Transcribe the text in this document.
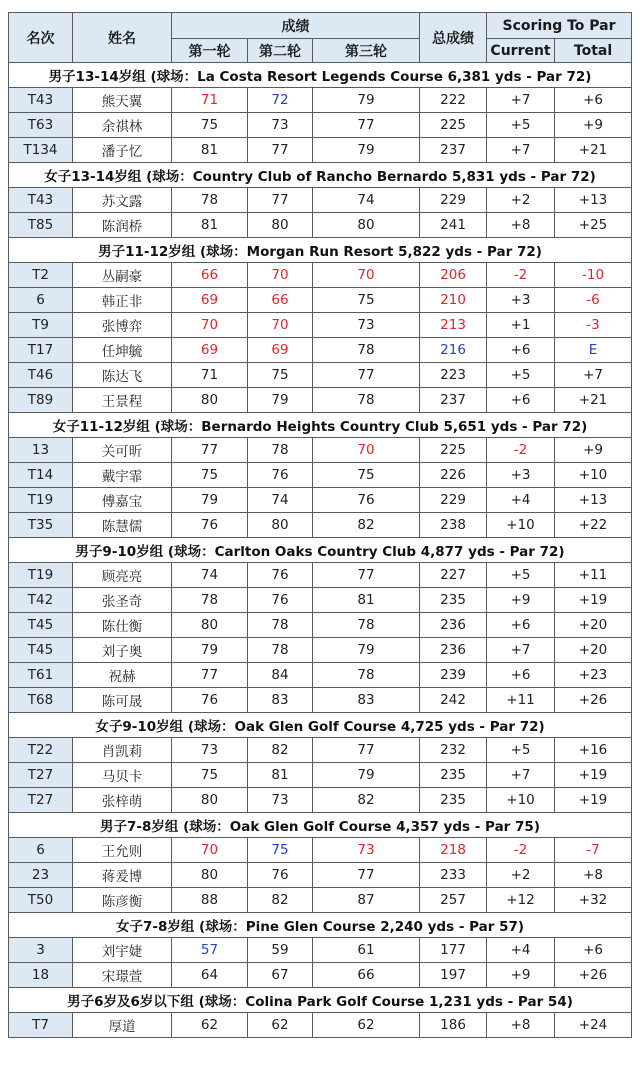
名次	姓名	成绩			总成绩	Scoring To Par	
		第一轮	第二轮	第三轮		Current	Total
男子13-14岁组 (球场：La Costa Resort Legends Course 6,381 yds - Par 72)							
T43	熊天翼	71	72	79	222	+7	+6
T63	余祺林	75	73	77	225	+5	+9
T134	潘子忆	81	77	79	237	+7	+21
女子13-14岁组 (球场：Country Club of Rancho Bernardo 5,831 yds - Par 72)							
T43	苏文露	78	77	74	229	+2	+13
T85	陈润桥	81	80	80	241	+8	+25
男子11-12岁组 (球场：Morgan Run Resort 5,822 yds - Par 72)							
T2	丛嗣豪	66	70	70	206	-2	-10
6	韩正非	69	66	75	210	+3	-6
T9	张博弈	70	70	73	213	+1	-3
T17	任坤毓	69	69	78	216	+6	E
T46	陈达飞	71	75	77	223	+5	+7
T89	王景程	80	79	78	237	+6	+21
女子11-12岁组 (球场：Bernardo Heights Country Club 5,651 yds - Par 72)							
13	关可昕	77	78	70	225	-2	+9
T14	戴宇霏	75	76	75	226	+3	+10
T19	傅嘉宝	79	74	76	229	+4	+13
T35	陈慧儒	76	80	82	238	+10	+22
男子9-10岁组 (球场：Carlton Oaks Country Club 4,877 yds - Par 72)							
T19	顾亮亮	74	76	77	227	+5	+11
T42	张圣奇	78	76	81	235	+9	+19
T45	陈仕衡	80	78	78	236	+6	+20
T45	刘子奥	79	78	79	236	+7	+20
T61	祝赫	77	84	78	239	+6	+23
T68	陈可晟	76	83	83	242	+11	+26
女子9-10岁组 (球场：Oak Glen Golf Course 4,725 yds - Par 72)							
T22	肖凯莉	73	82	77	232	+5	+16
T27	马贝卡	75	81	79	235	+7	+19
T27	张梓萌	80	73	82	235	+10	+19
男子7-8岁组 (球场：Oak Glen Golf Course 4,357 yds - Par 75)							
6	王允则	70	75	73	218	-2	-7
23	蒋爰博	80	76	77	233	+2	+8
T50	陈彦衡	88	82	87	257	+12	+32
女子7-8岁组 (球场：Pine Glen Course 2,240 yds - Par 57)							
3	刘宇婕	57	59	61	177	+4	+6
18	宋璟萱	64	67	66	197	+9	+26
男子6岁及6岁以下组 (球场：Colina Park Golf Course 1,231 yds - Par 54)							
T7	厚道	62	62	62	186	+8	+24
